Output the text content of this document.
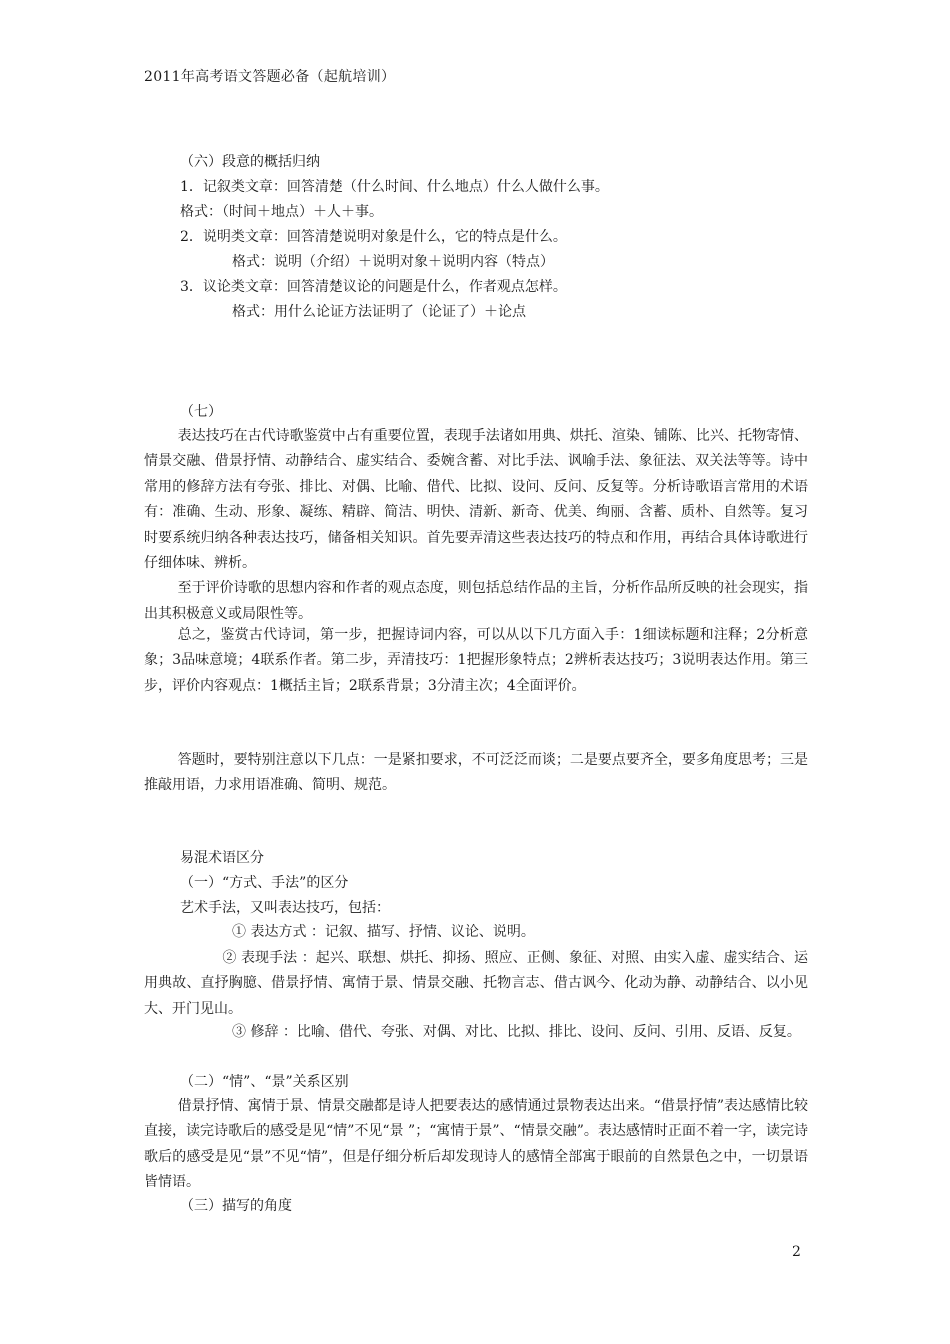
2011年高考语文答题必备（起航培训）
（六）段意的概括归纳
1．记叙类文章：回答清楚（什么时间、什么地点）什么人做什么事。
格式：（时间＋地点）＋人＋事。
2．说明类文章：回答清楚说明对象是什么，它的特点是什么。
格式：说明（介绍）＋说明对象＋说明内容（特点）
3．议论类文章：回答清楚议论的问题是什么，作者观点怎样。
格式：用什么论证方法证明了（论证了）＋论点
（七）

表达技巧在古代诗歌鉴赏中占有重要位置，表现手法诸如用典、烘托、渲染、铺陈、比兴、托物寄情、情景交融、借景抒情、动静结合、虚实结合、委婉含蓄、对比手法、讽喻手法、象征法、双关法等等。诗中常用的修辞方法有夸张、排比、对偶、比喻、借代、比拟、设问、反问、反复等。分析诗歌语言常用的术语有：准确、生动、形象、凝练、精辟、简洁、明快、清新、新奇、优美、绚丽、含蓄、质朴、自然等。复习时要系统归纳各种表达技巧，储备相关知识。首先要弄清这些表达技巧的特点和作用，再结合具体诗歌进行仔细体味、辨析。

至于评价诗歌的思想内容和作者的观点态度，则包括总结作品的主旨，分析作品所反映的社会现实，指出其积极意义或局限性等。

总之，鉴赏古代诗词，第一步，把握诗词内容，可以从以下几方面入手：1细读标题和注释；2分析意象；3品味意境；4联系作者。第二步，弄清技巧：1把握形象特点；2辨析表达技巧；3说明表达作用。第三步，评价内容观点：1概括主旨；2联系背景；3分清主次；4全面评价。

答题时，要特别注意以下几点：一是紧扣要求，不可泛泛而谈；二是要点要齐全，要多角度思考；三是推敲用语，力求用语准确、简明、规范。

易混术语区分
（一）“方式、手法”的区分
艺术手法，又叫表达技巧，包括：
① 表达方式 ：记叙、描写、抒情、议论、说明。

② 表现手法 ：起兴、联想、烘托、抑扬、照应、正侧、象征、对照、由实入虚、虚实结合、运用典故、直抒胸臆、借景抒情、寓情于景、情景交融、托物言志、借古讽今、化动为静、动静结合、以小见大、开门见山。

③ 修辞 ：比喻、借代、夸张、对偶、对比、比拟、排比、设问、反问、引用、反语、反复。
（二）“情”、“景”关系区别

借景抒情、寓情于景、情景交融都是诗人把要表达的感情通过景物表达出来。“借景抒情”表达感情比较直接，读完诗歌后的感受是见“情”不见“景 ”；“寓情于景”、“情景交融”。表达感情时正面不着一字，读完诗歌后的感受是见“景”不见“情”，但是仔细分析后却发现诗人的感情全部寓于眼前的自然景色之中，一切景语皆情语。

（三）描写的角度
2
